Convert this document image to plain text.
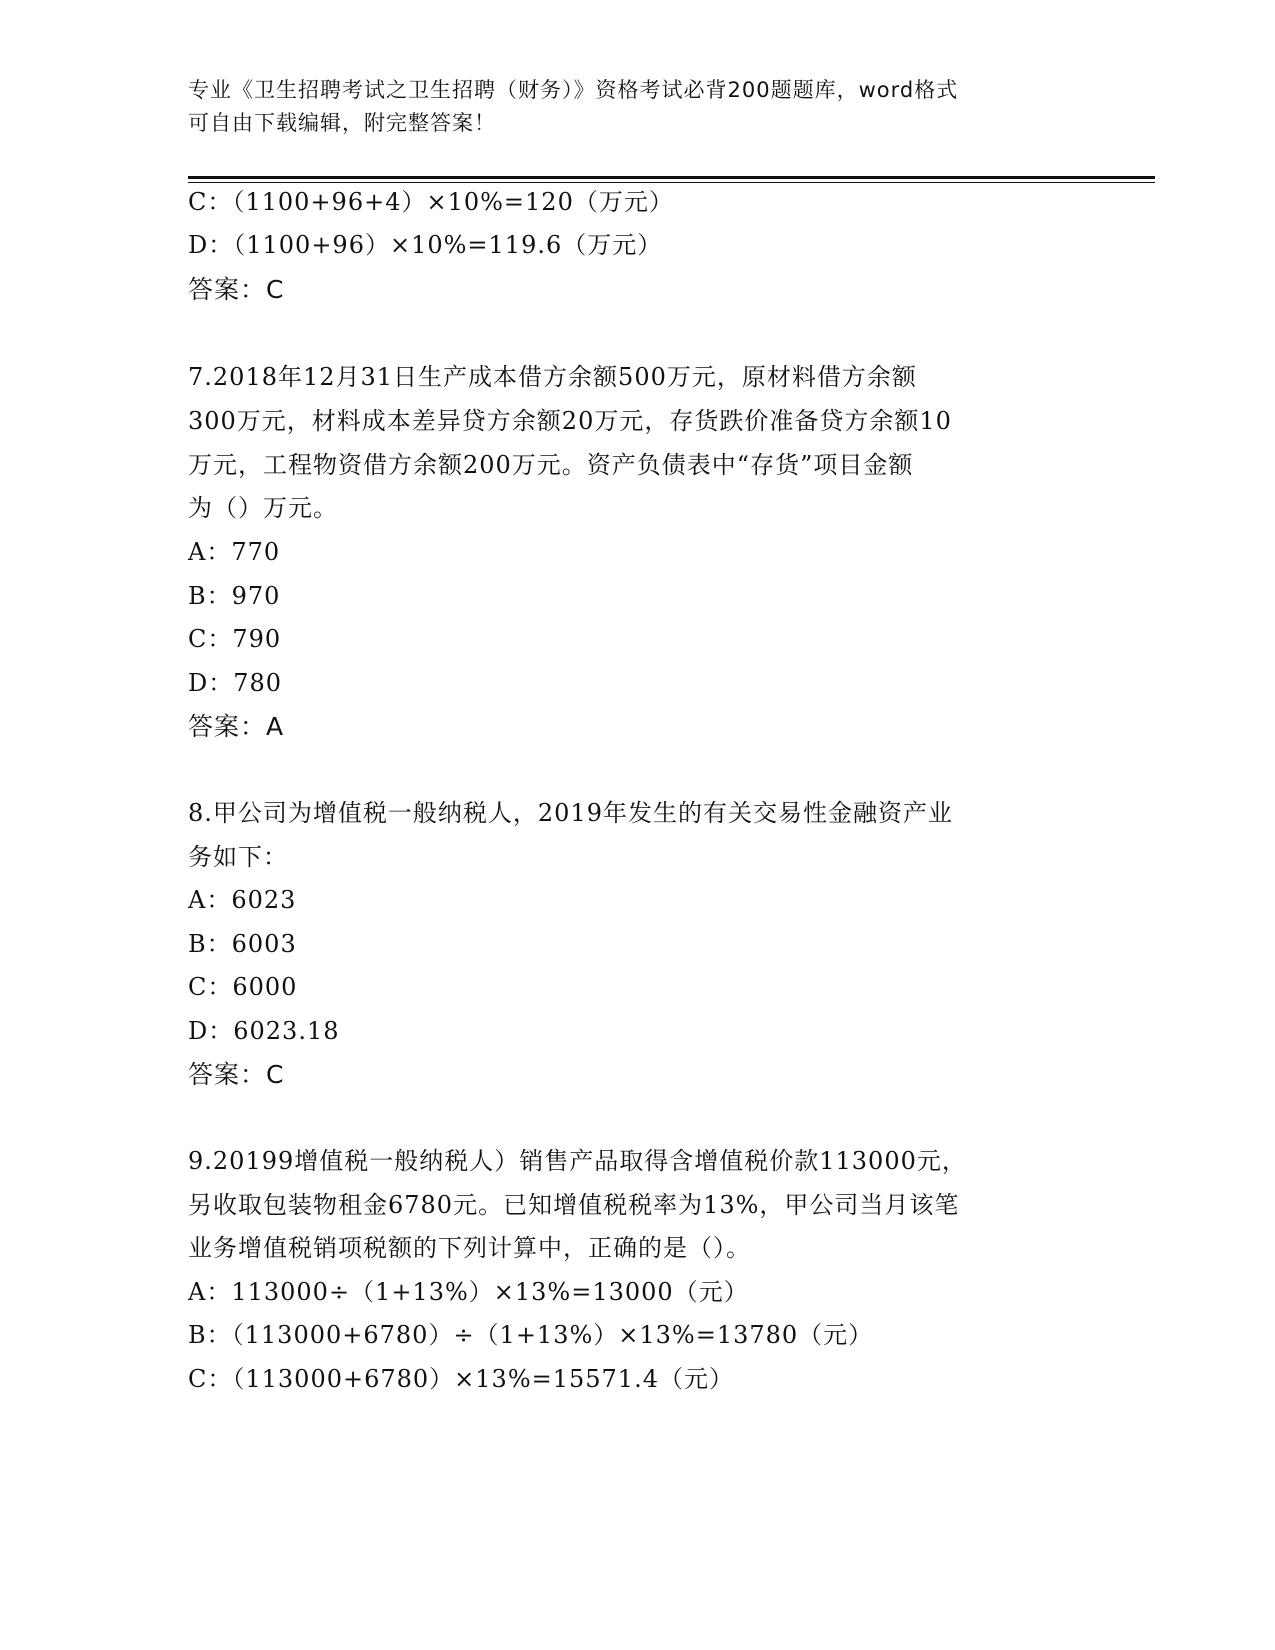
专业《卫生招聘考试之卫生招聘（财务）》资格考试必背200题题库，word格式
可自由下载编辑，附完整答案！
C：（1100+96+4）×10%=120（万元）
D：（1100+96）×10%=119.6（万元）
答案：C
7.2018年12月31日生产成本借方余额500万元，原材料借方余额
300万元，材料成本差异贷方余额20万元，存货跌价准备贷方余额10
万元，工程物资借方余额200万元。资产负债表中“存货”项目金额
为（）万元。
A：770
B：970
C：790
D：780
答案：A
8.甲公司为增值税一般纳税人，2019年发生的有关交易性金融资产业
务如下：
A：6023
B：6003
C：6000
D：6023.18
答案：C
9.20199增值税一般纳税人）销售产品取得含增值税价款113000元，
另收取包装物租金6780元。已知增值税税率为13%，甲公司当月该笔
业务增值税销项税额的下列计算中，正确的是（）。
A：113000÷（1+13%）×13%=13000（元）
B：（113000+6780）÷（1+13%）×13%=13780（元）
C：（113000+6780）×13%=15571.4（元）
